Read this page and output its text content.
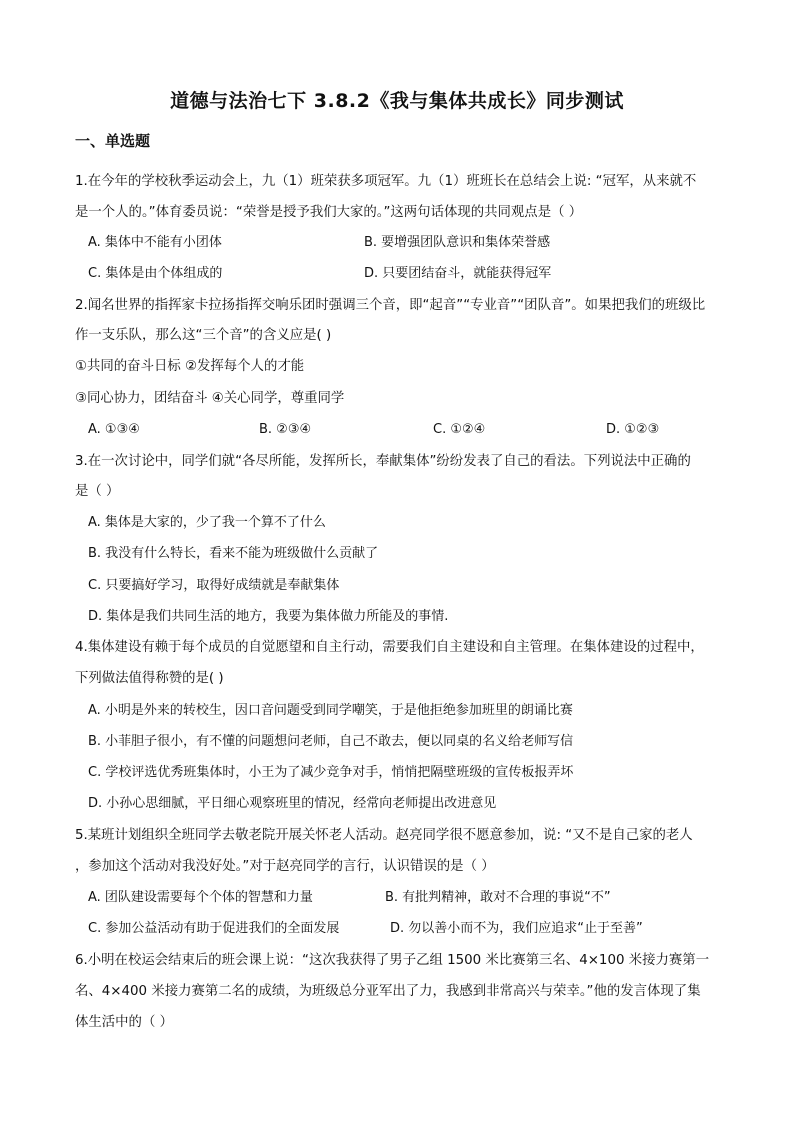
道德与法治七下 3.8.2《我与集体共成长》同步测试
一、单选题
1.在今年的学校秋季运动会上，九（1）班荣获多项冠军。九（1）班班长在总结会上说: “冠军，从来就不
是一个人的。”体育委员说：“荣誉是授予我们大家的。”这两句话体现的共同观点是（ ）
A. 集体中不能有小团体	B. 要增强团队意识和集体荣誉感
C. 集体是由个体组成的	D. 只要团结奋斗，就能获得冠军
2.闻名世界的指挥家卡拉扬指挥交响乐团时强调三个音，即“起音”“专业音”“团队音”。如果把我们的班级比
作一支乐队，那么这“三个音”的含义应是( )
①共同的奋斗日标 ②发挥每个人的才能
③同心协力，团结奋斗 ④关心同学，尊重同学
A. ①③④	B. ②③④	C. ①②④	D. ①②③
3.在一次讨论中，同学们就“各尽所能，发挥所长，奉献集体”纷纷发表了自己的看法。下列说法中正确的
是（ ）
A. 集体是大家的，少了我一个算不了什么
B. 我没有什么特长，看来不能为班级做什么贡献了
C. 只要搞好学习，取得好成绩就是奉献集体
D. 集体是我们共同生活的地方，我要为集体做力所能及的事情.
4.集体建设有赖于每个成员的自觉愿望和自主行动，需要我们自主建设和自主管理。在集体建设的过程中，
下列做法值得称赞的是( )
A. 小明是外来的转校生，因口音问题受到同学嘲笑，于是他拒绝参加班里的朗诵比赛
B. 小菲胆子很小，有不懂的问题想问老师，自己不敢去，便以同桌的名义给老师写信
C. 学校评选优秀班集体时，小王为了减少竞争对手，悄悄把隔壁班级的宣传板报弄坏
D. 小孙心思细腻，平日细心观察班里的情况，经常向老师提出改进意见
5.某班计划组织全班同学去敬老院开展关怀老人活动。赵亮同学很不愿意参加，说: “又不是自己家的老人
，参加这个活动对我没好处。”对于赵亮同学的言行，认识错误的是（ ）
A. 团队建设需要每个个体的智慧和力量	B. 有批判精神，敢对不合理的事说“不”
C. 参加公益活动有助于促进我们的全面发展	D. 勿以善小而不为，我们应追求“止于至善”
6.小明在校运会结束后的班会课上说：“这次我获得了男子乙组 1500 米比赛第三名、4×100 米接力赛第一
名、4×400 米接力赛第二名的成绩，为班级总分亚军出了力，我感到非常高兴与荣幸。”他的发言体现了集
体生活中的（ ）
